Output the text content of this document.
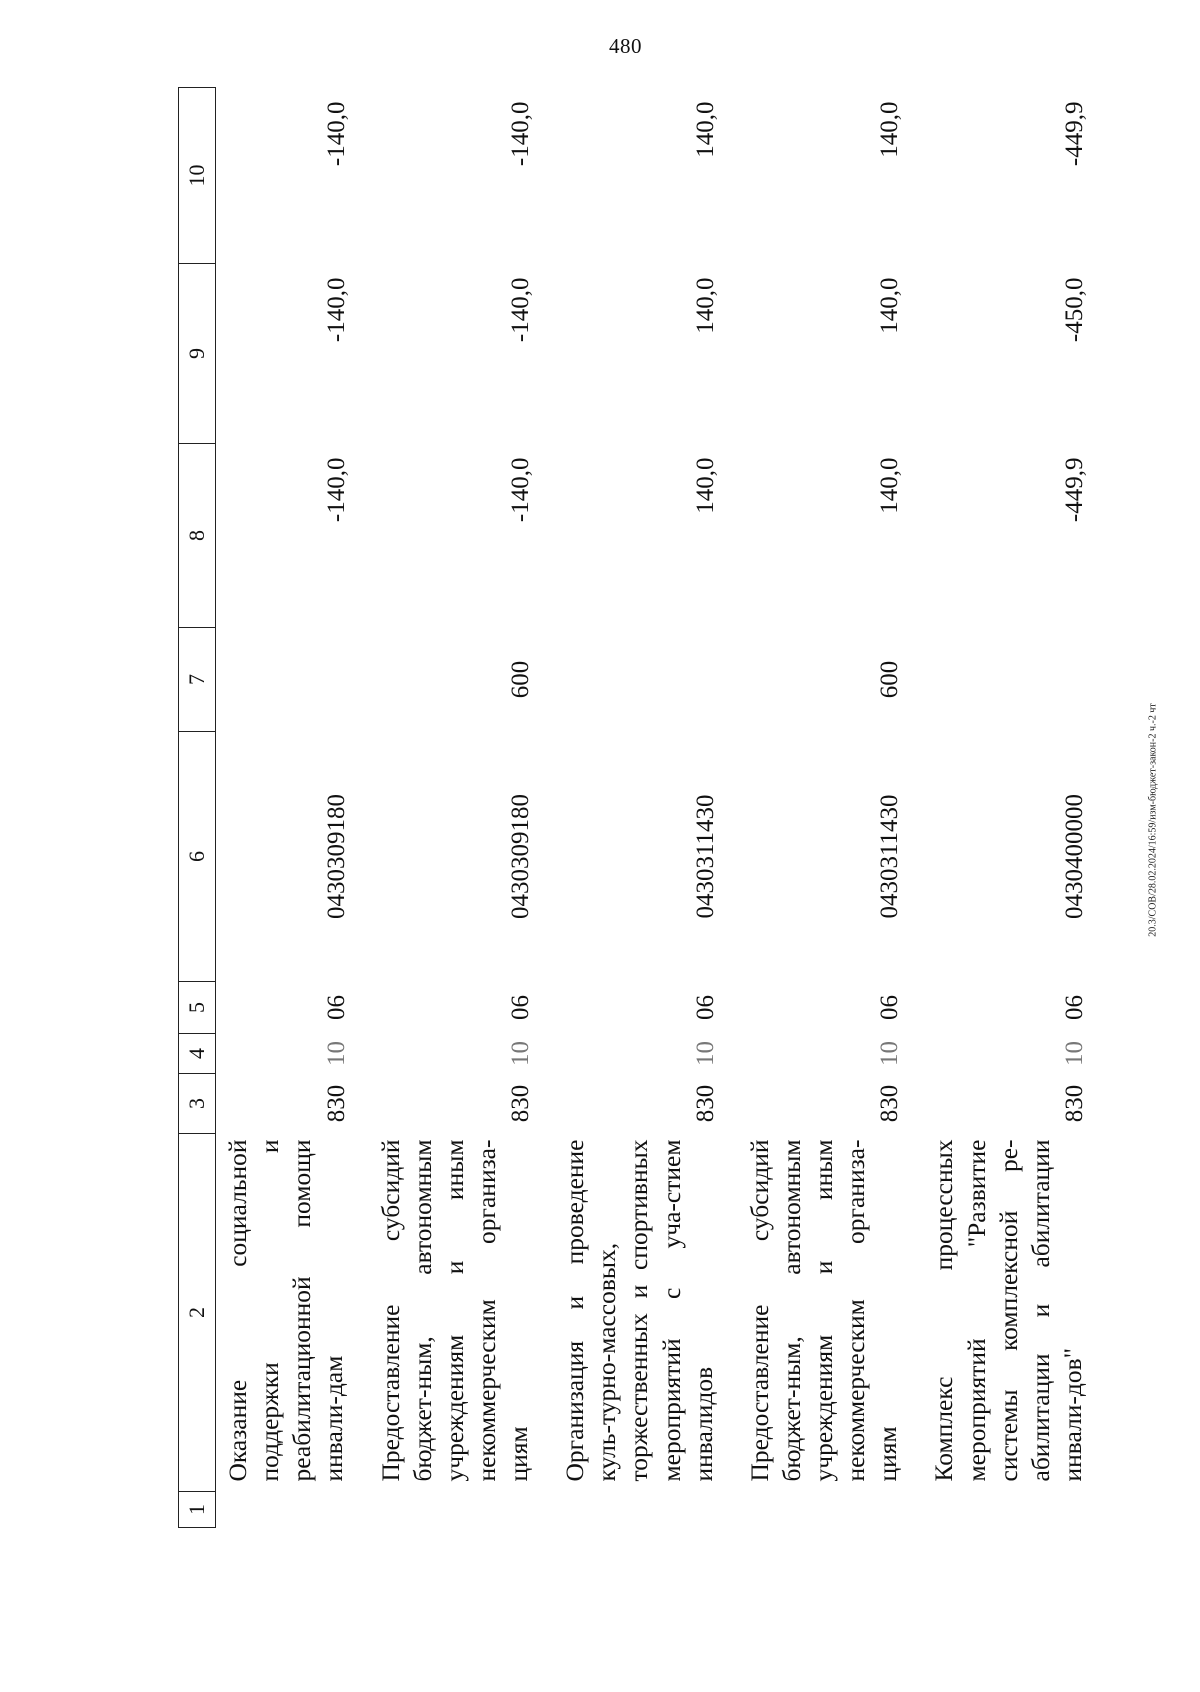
480
20.3/СОВ/28.02.2024/16:59/изм-бюджет-закон-2 ч.-2 чт
1	2	3	4	5	6	7	8	9	10
	Оказание социальной поддержки и реабилитационной помощи инвали-дам	830	10	06	0430309180		-140,0	-140,0	-140,0
	Предоставление субсидий бюджет-ным, автономным учреждениям и иным некоммерческим организа-циям	830	10	06	0430309180	600	-140,0	-140,0	-140,0
	Организация и проведение куль-турно-массовых, торжественных и спортивных мероприятий с уча-стием инвалидов	830	10	06	0430311430		140,0	140,0	140,0
	Предоставление субсидий бюджет-ным, автономным учреждениям и иным некоммерческим организа-циям	830	10	06	0430311430	600	140,0	140,0	140,0
	Комплекс процессных мероприятий "Развитие системы комплексной ре-абилитации и абилитации инвали-дов"	830	10	06	0430400000		-449,9	-450,0	-449,9
